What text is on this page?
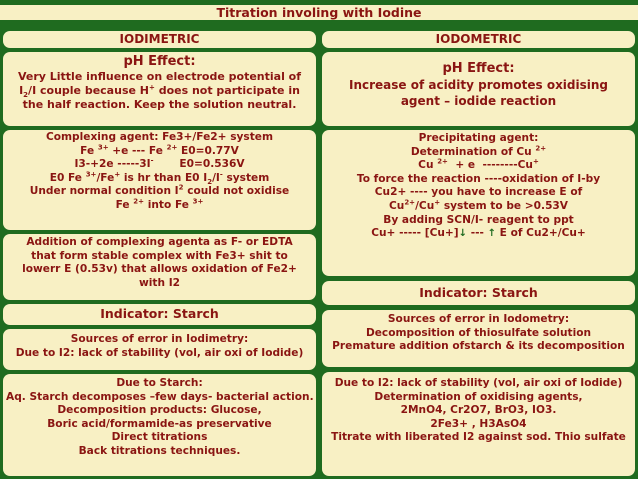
Titration involing with Iodine
IODIMETRIC	IODOMETRIC
pH Effect:
Very Little influence on electrode potential of
$I_2/I$ couple because H+ does not participate in
the half reaction. Keep the solution neutral.
pH Effect:
Increase of acidity promotes oxidising
agent – iodide reaction
Complexing agent: Fe3+/Fe2+ system
Fe $^{3+}$ +e --- Fe $^{2+}$ E0=0.77V
I3-+2e -----3I-       E0=0.536V
E0 Fe $^{3+}$/Fe+ is hr than E0 $I_2/I^-$ system
Under normal condition $I^2$ could not oxidise
Fe $^{2+}$ into Fe $^{3+}$
Precipitating agent:
Determination of Cu $^{2+}$
Cu $^{2+}$  + e  --------Cu+
To force the reaction ----oxidation of I-by
Cu2+ ---- you have to increase E of
$Cu^{2+}/Cu^+$ system to be >0.53V
By adding SCN/I- reagent to ppt
Cu+ ----- [Cu+]↓ --- ↑ E of Cu2+/Cu+
Addition of complexing agenta as F- or EDTA
that form stable complex with Fe3+ shit to
lowerr E (0.53v) that allows oxidation of Fe2+
with I2
Indicator: Starch
Indicator: Starch	Sources of error in Iodometry:
Decomposition of thiosulfate solution
Premature addition ofstarch & its decomposition
Sources of error in Iodimetry:
Due to I2: lack of stability (vol, air oxi of Iodide)
Due to Starch:
Aq. Starch decomposes –few days- bacterial action.
Decomposition products: Glucose,
Boric acid/formamide-as preservative
Direct titrations
Back titrations techniques.
Due to I2: lack of stability (vol, air oxi of Iodide)
Determination of oxidising agents,
2MnO4, Cr2O7, BrO3, IO3.
2Fe3+ , H3AsO4
Titrate with liberated I2 against sod. Thio sulfate
